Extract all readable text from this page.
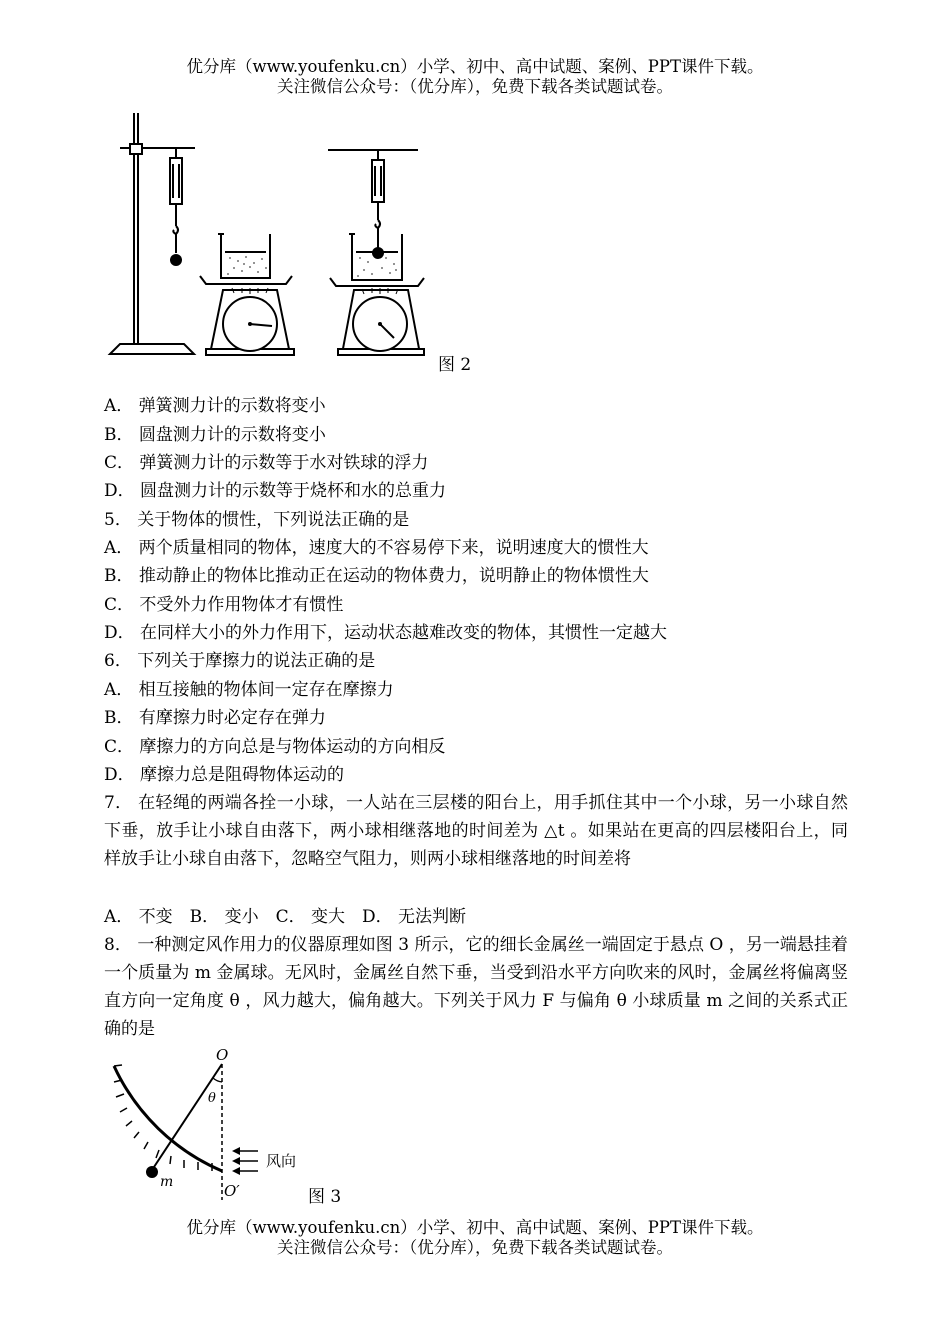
优分库（www.youfenku.cn）小学、初中、高中试题、案例、PPT课件下载。
关注微信公众号：（优分库），免费下载各类试题试卷。
图 2
A． 弹簧测力计的示数将变小
B． 圆盘测力计的示数将变小
C． 弹簧测力计的示数等于水对铁球的浮力
D． 圆盘测力计的示数等于烧杯和水的总重力
5． 关于物体的惯性，下列说法正确的是
A． 两个质量相同的物体，速度大的不容易停下来，说明速度大的惯性大
B． 推动静止的物体比推动正在运动的物体费力，说明静止的物体惯性大
C． 不受外力作用物体才有惯性
D． 在同样大小的外力作用下，运动状态越难改变的物体，其惯性一定越大
6． 下列关于摩擦力的说法正确的是
A． 相互接触的物体间一定存在摩擦力
B． 有摩擦力时必定存在弹力
C． 摩擦力的方向总是与物体运动的方向相反
D． 摩擦力总是阻碍物体运动的
7． 在轻绳的两端各拴一小球，一人站在三层楼的阳台上，用手抓住其中一个小球，另一小球自然下垂，放手让小球自由落下，两小球相继落地的时间差为 △t 。如果站在更高的四层楼阳台上，同样放手让小球自由落下，忽略空气阻力，则两小球相继落地的时间差将
A． 不变　B． 变小　C． 变大　D． 无法判断
8． 一种测定风作用力的仪器原理如图 3 所示，它的细长金属丝一端固定于悬点 O ，另一端悬挂着一个质量为 m 金属球。无风时，金属丝自然下垂，当受到沿水平方向吹来的风时，金属丝将偏离竖直方向一定角度 θ ，风力越大，偏角越大。下列关于风力 F 与偏角 θ 小球质量 m 之间的关系式正确的是
O
θ
m	O′
风向
图 3
优分库（www.youfenku.cn）小学、初中、高中试题、案例、PPT课件下载。
关注微信公众号：（优分库），免费下载各类试题试卷。
